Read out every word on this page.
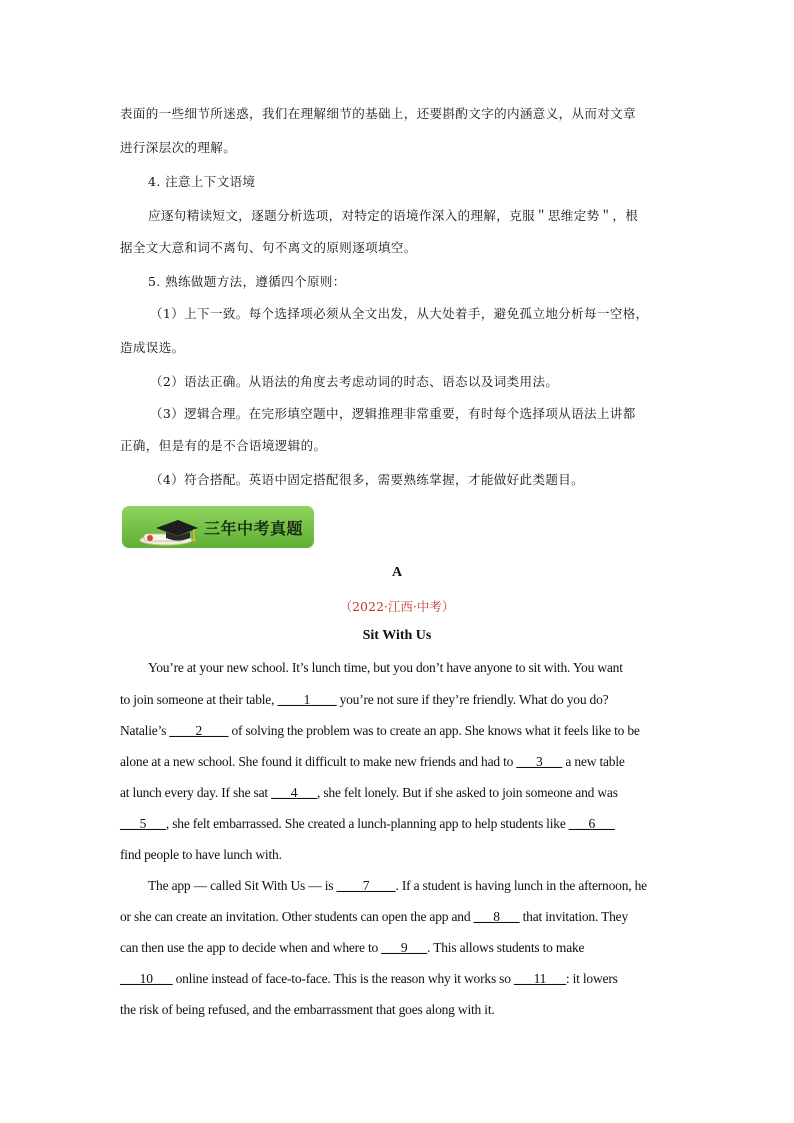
表面的一些细节所迷惑，我们在理解细节的基础上，还要斟酌文字的内涵意义，从而对文章
进行深层次的理解。
4. 注意上下文语境
应逐句精读短文，逐题分析选项，对特定的语境作深入的理解，克服＂思维定势＂，根
据全文大意和词不离句、句不离文的原则逐项填空。
5. 熟练做题方法，遵循四个原则：
（1）上下一致。每个选择项必须从全文出发，从大处着手，避免孤立地分析每一空格，
造成误选。
（2）语法正确。从语法的角度去考虑动词的时态、语态以及词类用法。
（3）逻辑合理。在完形填空题中，逻辑推理非常重要，有时每个选择项从语法上讲都
正确，但是有的是不合语境逻辑的。
（4）符合搭配。英语中固定搭配很多，需要熟练掌握，才能做好此类题目。
三年中考真题
A
（2022·江西·中考）
Sit With Us
You’re at your new school. It’s lunch time, but you don’t have anyone to sit with. You want
to join someone at their table, ____1____ you’re not sure if they’re friendly. What do you do?
Natalie’s ____2____ of solving the problem was to create an app. She knows what it feels like to be
alone at a new school. She found it difficult to make new friends and had to ___3___ a new table
at lunch every day. If she sat ___4___, she felt lonely. But if she asked to join someone and was
___5___, she felt embarrassed. She created a lunch-planning app to help students like ___6___
find people to have lunch with.
The app — called Sit With Us — is ____7____. If a student is having lunch in the afternoon, he
or she can create an invitation. Other students can open the app and ___8___ that invitation. They
can then use the app to decide when and where to ___9___. This allows students to make
___10___ online instead of face-to-face. This is the reason why it works so ___11___: it lowers
the risk of being refused, and the embarrassment that goes along with it.
